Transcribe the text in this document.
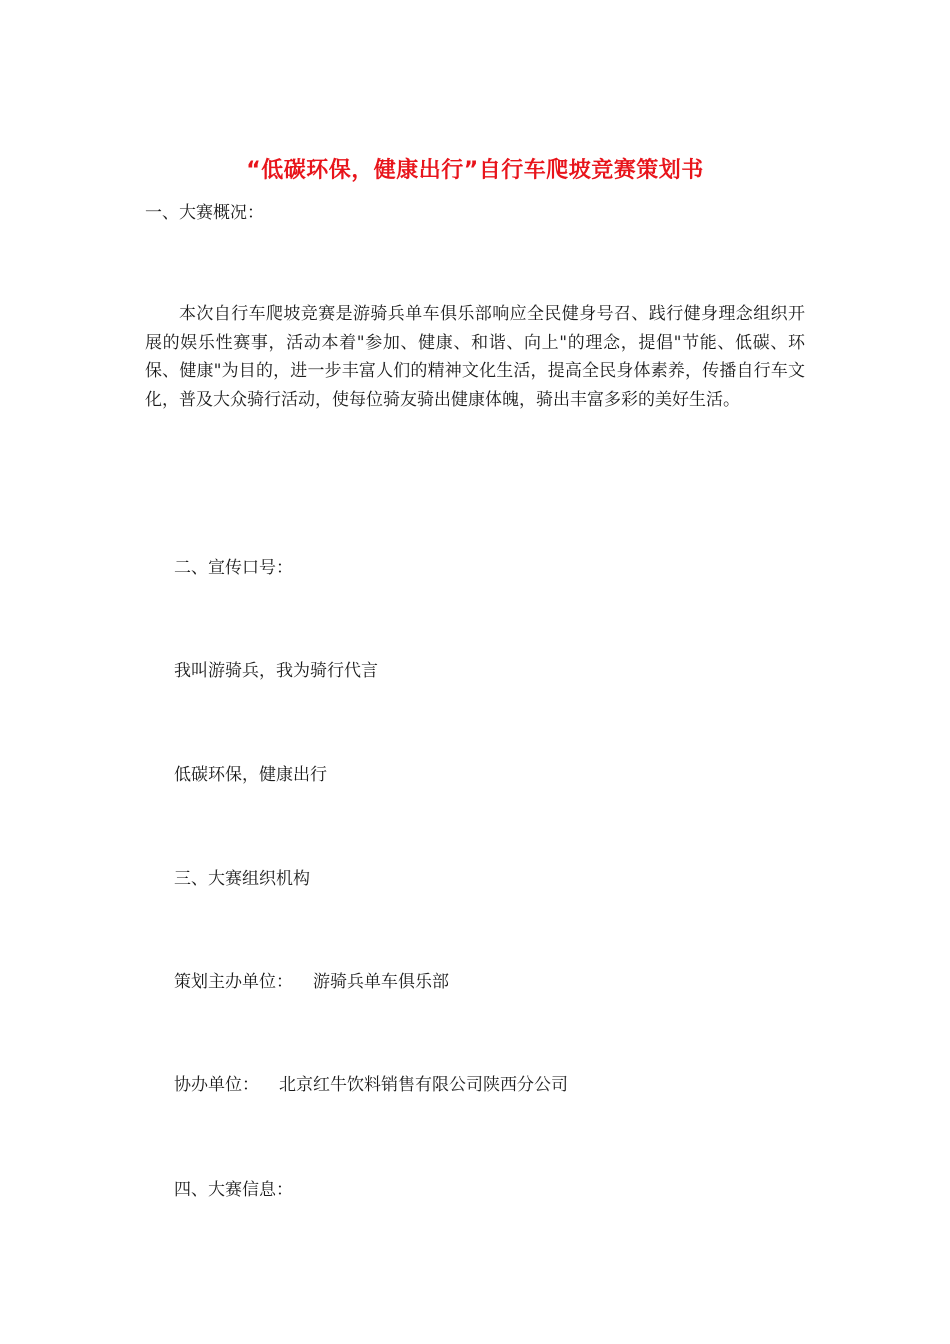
“低碳环保，健康出行”自行车爬坡竞赛策划书
一、大赛概况：
本次自行车爬坡竞赛是游骑兵单车俱乐部响应全民健身号召、践行健身理念组织开展的娱乐性赛事，活动本着"参加、健康、和谐、向上"的理念，提倡"节能、低碳、环保、健康"为目的，进一步丰富人们的精神文化生活，提高全民身体素养，传播自行车文化，普及大众骑行活动，使每位骑友骑出健康体魄，骑出丰富多彩的美好生活。
二、宣传口号：
我叫游骑兵，我为骑行代言
低碳环保，健康出行
三、大赛组织机构
策划主办单位： 游骑兵单车俱乐部
协办单位： 北京红牛饮料销售有限公司陕西分公司
四、大赛信息：
